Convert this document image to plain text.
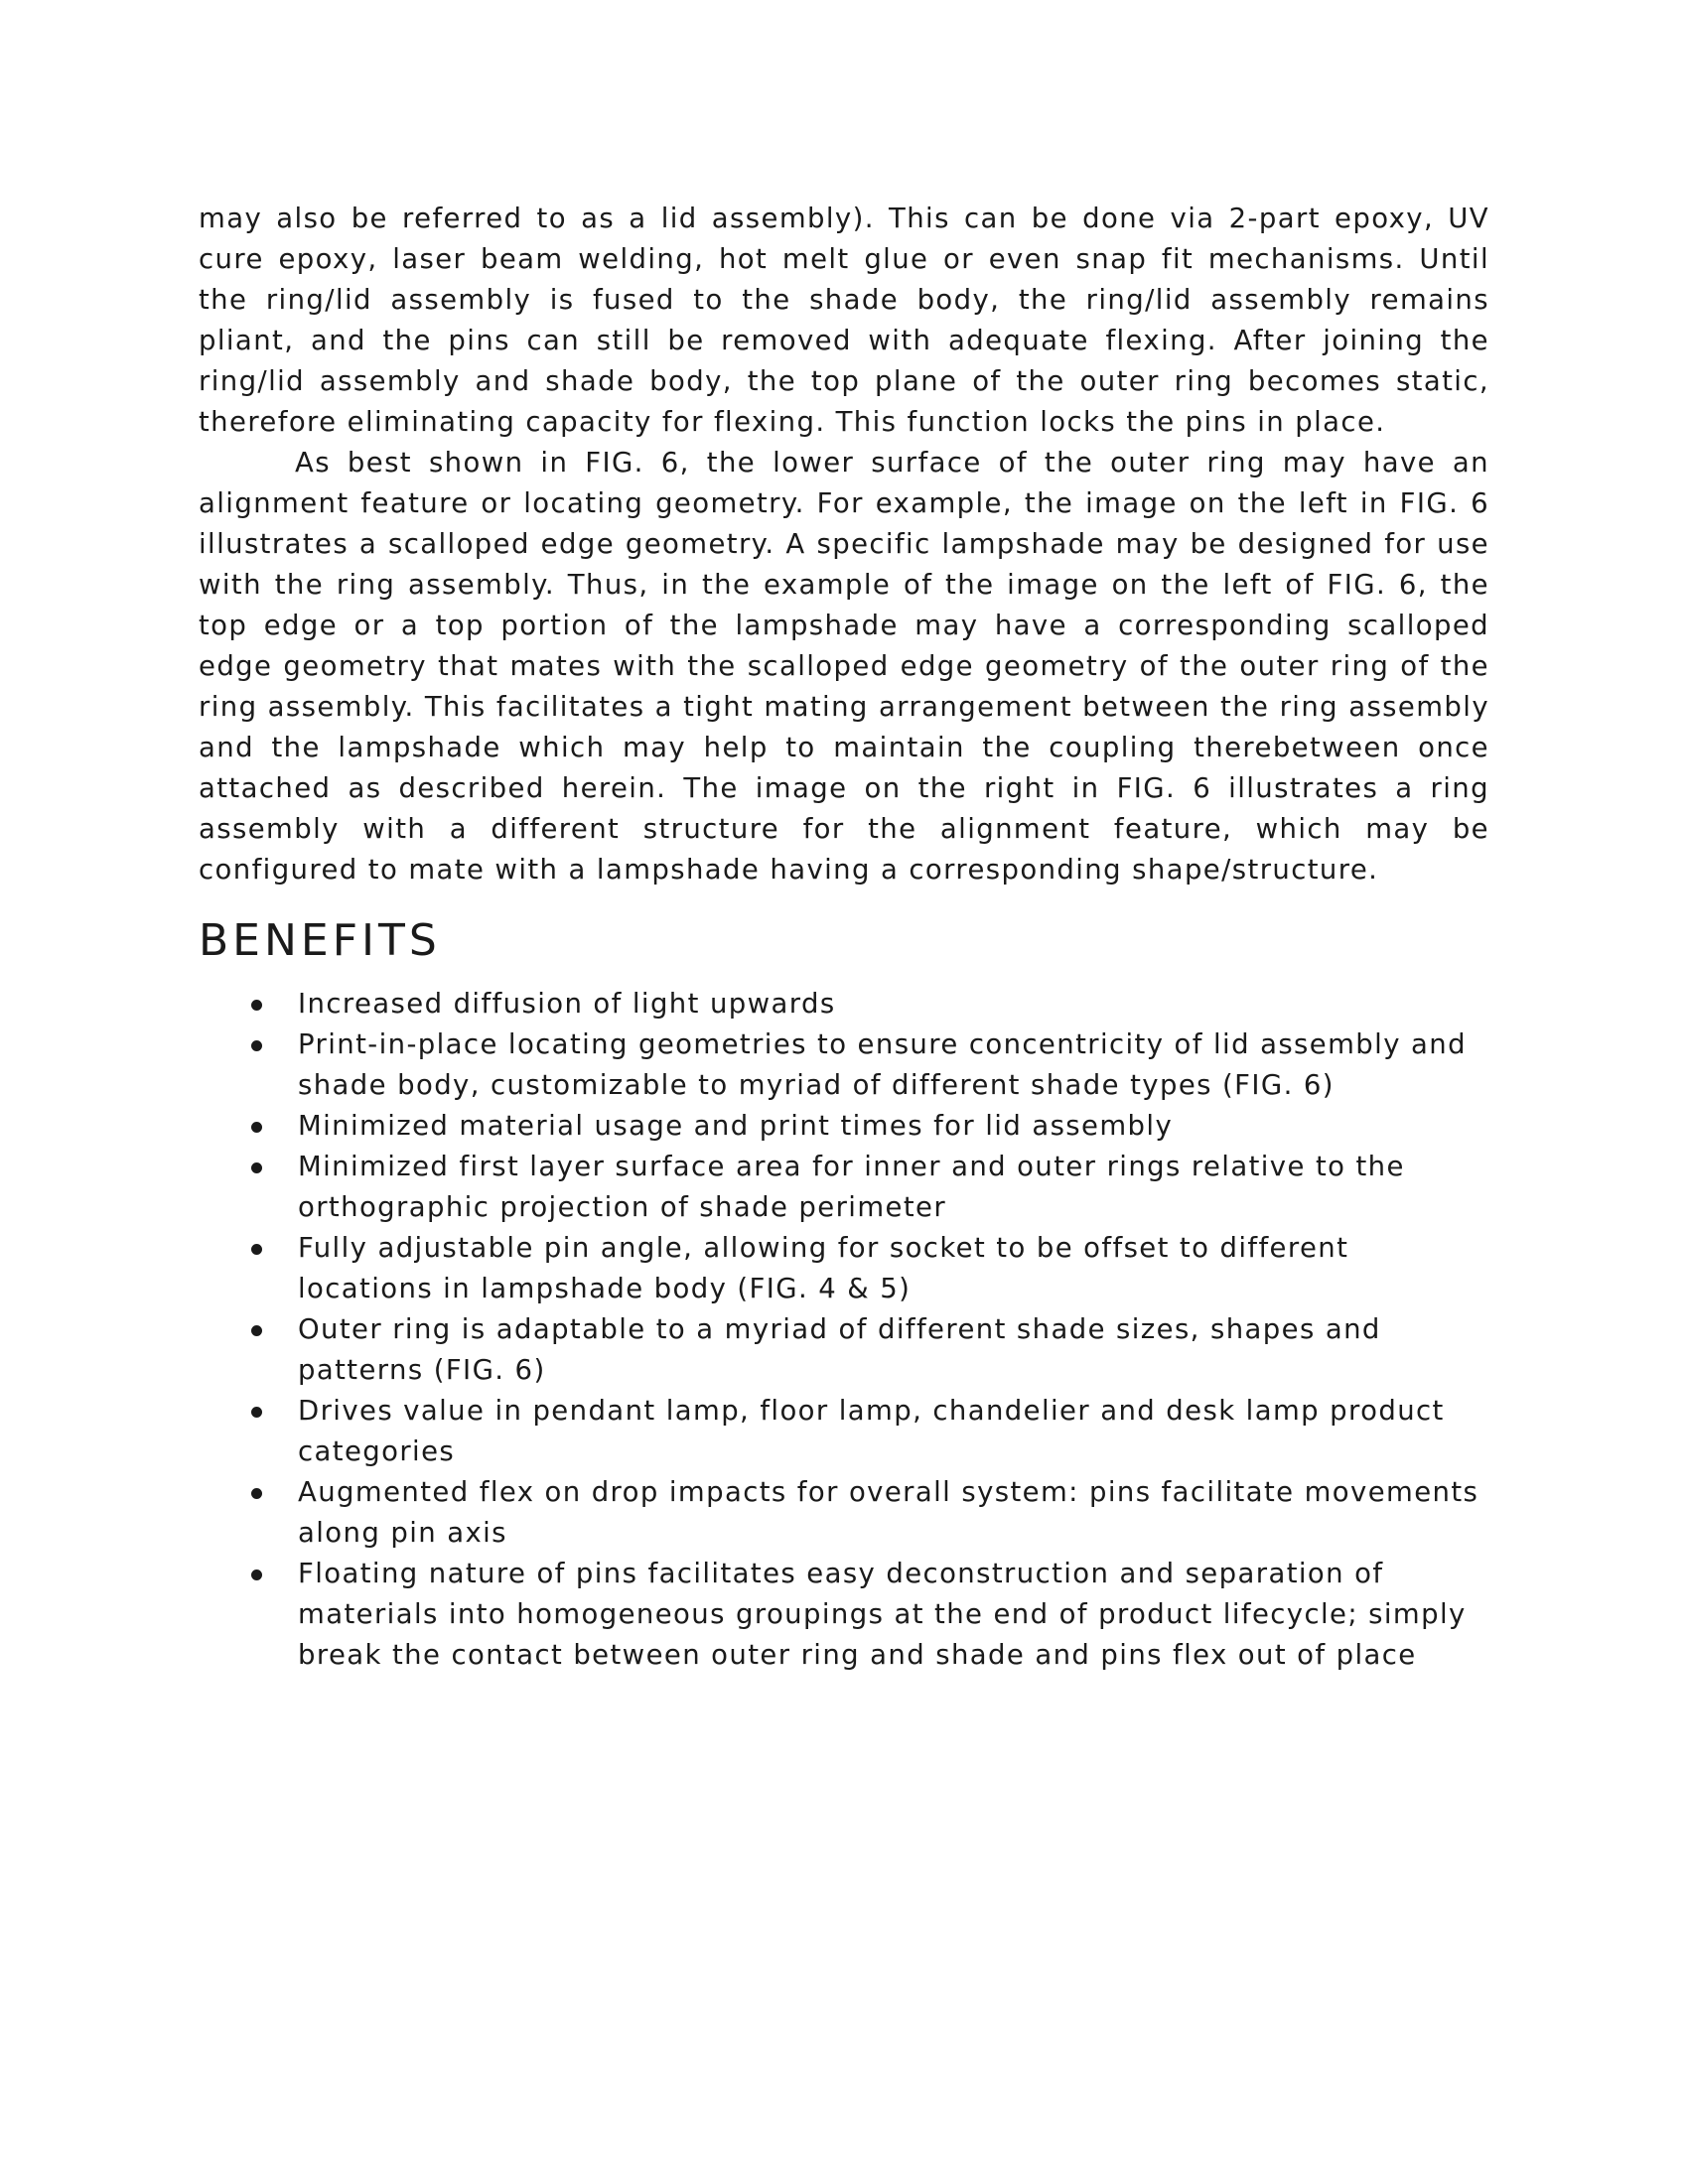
may also be referred to as a lid assembly). This can be done via 2-part epoxy, UV cure epoxy, laser beam welding, hot melt glue or even snap fit mechanisms. Until the ring/lid assembly is fused to the shade body, the ring/lid assembly remains pliant, and the pins can still be removed with adequate flexing. After joining the ring/lid assembly and shade body, the top plane of the outer ring becomes static, therefore eliminating capacity for flexing. This function locks the pins in place.

As best shown in FIG. 6, the lower surface of the outer ring may have an alignment feature or locating geometry. For example, the image on the left in FIG. 6 illustrates a scalloped edge geometry. A specific lampshade may be designed for use with the ring assembly. Thus, in the example of the image on the left of FIG. 6, the top edge or a top portion of the lampshade may have a corresponding scalloped edge geometry that mates with the scalloped edge geometry of the outer ring of the ring assembly. This facilitates a tight mating arrangement between the ring assembly and the lampshade which may help to maintain the coupling therebetween once attached as described herein. The image on the right in FIG. 6 illustrates a ring assembly with a different structure for the alignment feature, which may be configured to mate with a lampshade having a corresponding shape/structure.

BENEFITS
Increased diffusion of light upwards
Print-in-place locating geometries to ensure concentricity of lid assembly and shade body, customizable to myriad of different shade types (FIG. 6)
Minimized material usage and print times for lid assembly
Minimized first layer surface area for inner and outer rings relative to the orthographic projection of shade perimeter
Fully adjustable pin angle, allowing for socket to be offset to different locations in lampshade body (FIG. 4 & 5)
Outer ring is adaptable to a myriad of different shade sizes, shapes and patterns (FIG. 6)
Drives value in pendant lamp, floor lamp, chandelier and desk lamp product categories
Augmented flex on drop impacts for overall system: pins facilitate movements along pin axis
Floating nature of pins facilitates easy deconstruction and separation of materials into homogeneous groupings at the end of product lifecycle; simply break the contact between outer ring and shade and pins flex out of place
